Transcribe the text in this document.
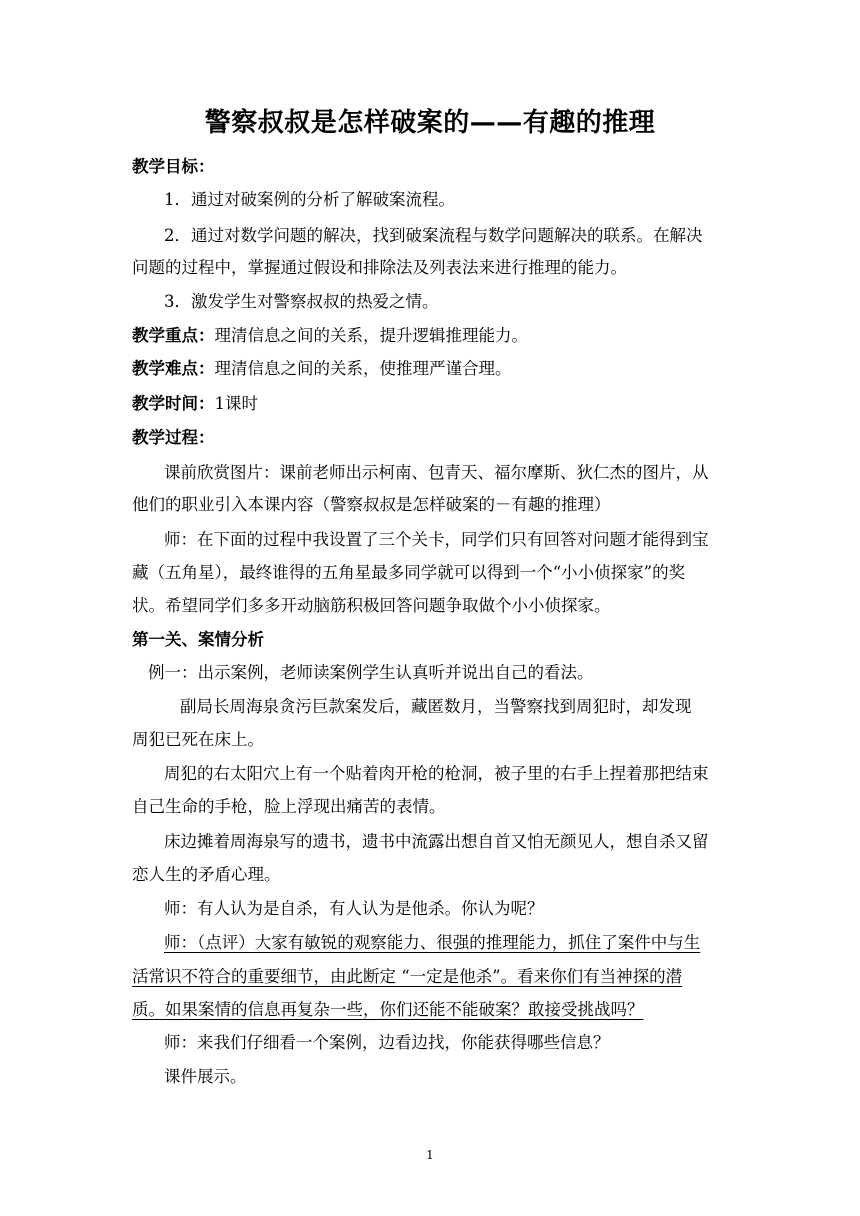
警察叔叔是怎样破案的——有趣的推理
教学目标：
1．通过对破案例的分析了解破案流程。
2．通过对数学问题的解决，找到破案流程与数学问题解决的联系。在解决
问题的过程中，掌握通过假设和排除法及列表法来进行推理的能力。
3．激发学生对警察叔叔的热爱之情。
教学重点：理清信息之间的关系，提升逻辑推理能力。
教学难点：理清信息之间的关系，使推理严谨合理。
教学时间：1课时
教学过程：
课前欣赏图片：课前老师出示柯南、包青天、福尔摩斯、狄仁杰的图片，从
他们的职业引入本课内容（警察叔叔是怎样破案的－有趣的推理）
师：在下面的过程中我设置了三个关卡，同学们只有回答对问题才能得到宝
藏（五角星），最终谁得的五角星最多同学就可以得到一个“小小侦探家”的奖
状。希望同学们多多开动脑筋积极回答问题争取做个小小侦探家。
第一关、案情分析
例一：出示案例，老师读案例学生认真听并说出自己的看法。
副局长周海泉贪污巨款案发后，藏匿数月，当警察找到周犯时，却发现
周犯已死在床上。
周犯的右太阳穴上有一个贴着肉开枪的枪洞，被子里的右手上捏着那把结束
自己生命的手枪，脸上浮现出痛苦的表情。
床边摊着周海泉写的遗书，遗书中流露出想自首又怕无颜见人，想自杀又留
恋人生的矛盾心理。
师：有人认为是自杀，有人认为是他杀。你认为呢？
师：（点评）大家有敏锐的观察能力、很强的推理能力，抓住了案件中与生
活常识不符合的重要细节，由此断定 “一定是他杀”。看来你们有当神探的潜
质。如果案情的信息再复杂一些，你们还能不能破案？敢接受挑战吗？
师：来我们仔细看一个案例，边看边找，你能获得哪些信息？
课件展示。
1
